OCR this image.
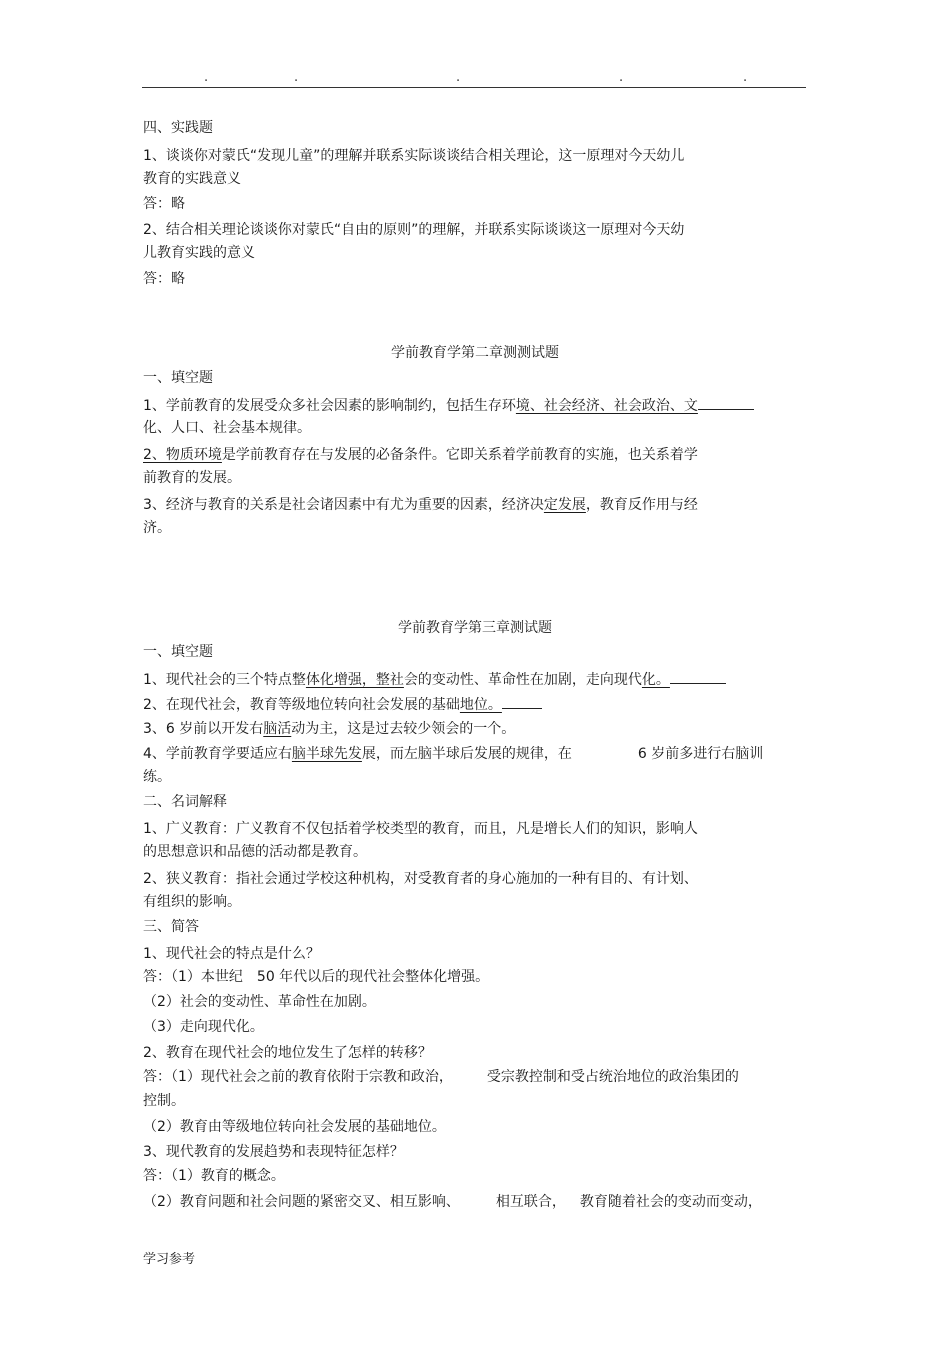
.	.	.	.	.
四、实践题
1、谈谈你对蒙氏“发现儿童”的理解并联系实际谈谈结合相关理论，这一原理对今天幼儿
教育的实践意义
答：略
2、结合相关理论谈谈你对蒙氏“自由的原则”的理解，并联系实际谈谈这一原理对今天幼
儿教育实践的意义
答：略
学前教育学第二章测测试题
一、填空题
1、学前教育的发展受众多社会因素的影响制约，包括生存环境、社会经济、社会政治、文
化、人口、社会基本规律。
2、物质环境是学前教育存在与发展的必备条件。它即关系着学前教育的实施，也关系着学
前教育的发展。
3、经济与教育的关系是社会诸因素中有尤为重要的因素，经济决定发展，教育反作用与经
济。
学前教育学第三章测试题
一、填空题
1、现代社会的三个特点整体化增强，整社会的变动性、革命性在加剧，走向现代化。
2、在现代社会，教育等级地位转向社会发展的基础地位。
3、6 岁前以开发右脑活动为主，这是过去较少领会的一个。
4、学前教育学要适应右脑半球先发展，而左脑半球后发展的规律，在	6 岁前多进行右脑训
练。
二、名词解释
1、广义教育：广义教育不仅包括着学校类型的教育，而且，凡是增长人们的知识，影响人
的思想意识和品德的活动都是教育。
2、狭义教育：指社会通过学校这种机构，对受教育者的身心施加的一种有目的、有计划、
有组织的影响。
三、简答
1、现代社会的特点是什么？
答：（1）本世纪 50 年代以后的现代社会整体化增强。
（2）社会的变动性、革命性在加剧。
（3）走向现代化。
2、教育在现代社会的地位发生了怎样的转移？
答：（1）现代社会之前的教育依附于宗教和政治， 受宗教控制和受占统治地位的政治集团的
控制。
（2）教育由等级地位转向社会发展的基础地位。
3、现代教育的发展趋势和表现特征怎样？
答：（1）教育的概念。
（2）教育问题和社会问题的紧密交叉、相互影响、	相互联合， 教育随着社会的变动而变动，
学习参考
